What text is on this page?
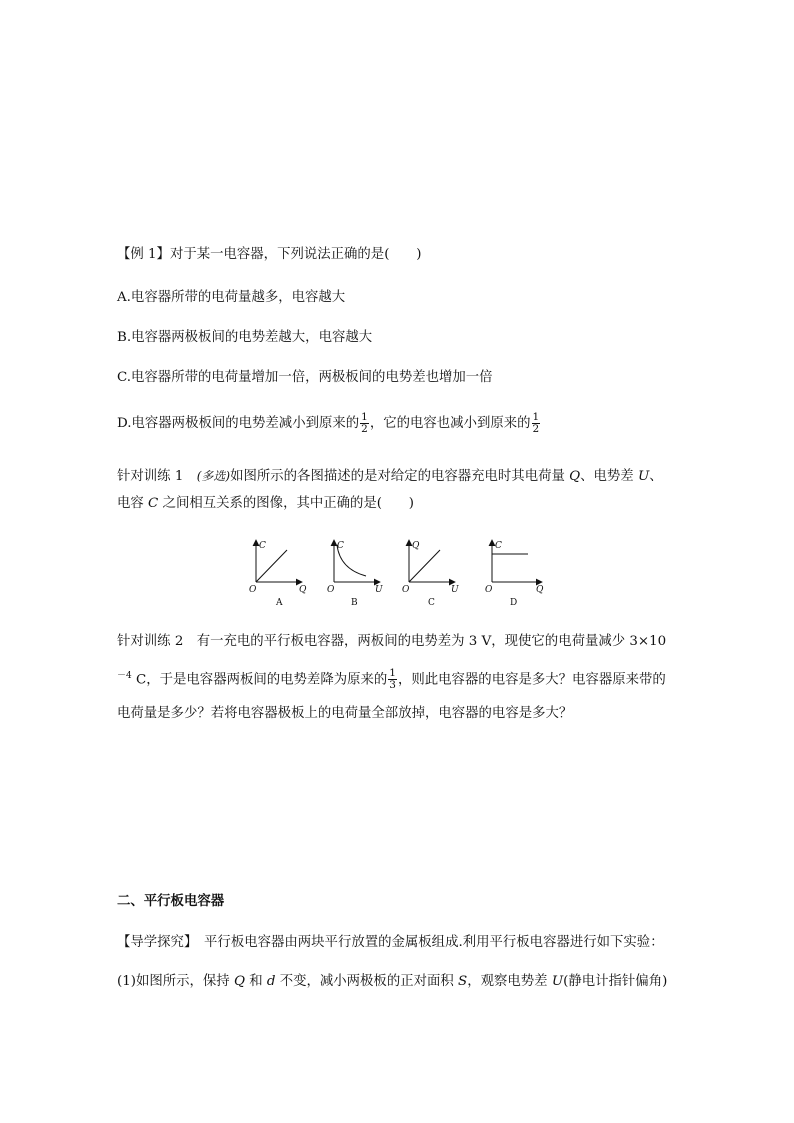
【例 1】对于某一电容器，下列说法正确的是(　　)
A.电容器所带的电荷量越多，电容越大
B.电容器两极板间的电势差越大，电容越大
C.电容器所带的电荷量增加一倍，两极板间的电势差也增加一倍
D.电容器两极板间的电势差减小到原来的 $\frac{1}{2}$ ，它的电容也减小到原来的 $\frac{1}{2}$
针对训练 1　(多选)如图所示的各图描述的是对给定的电容器充电时其电荷量 Q、电势差 U、
电容 C 之间相互关系的图像，其中正确的是(　　)
C
Q
O
A
C
U
O
B
Q
U
O
C
C
Q
O
D
针对训练 2　有一充电的平行板电容器，两板间的电势差为 3 V，现使它的电荷量减少 3×10
$^{-4}$ C，于是电容器两板间的电势差降为原来的 $\frac{1}{3}$ ，则此电容器的电容是多大？电容器原来带的
电荷量是多少？若将电容器极板上的电荷量全部放掉，电容器的电容是多大？
二、平行板电容器
【导学探究】　平行板电容器由两块平行放置的金属板组成.利用平行板电容器进行如下实验：
(1)如图所示，保持 Q 和 d 不变，减小两极板的正对面积 S，观察电势差 U(静电计指针偏角)
